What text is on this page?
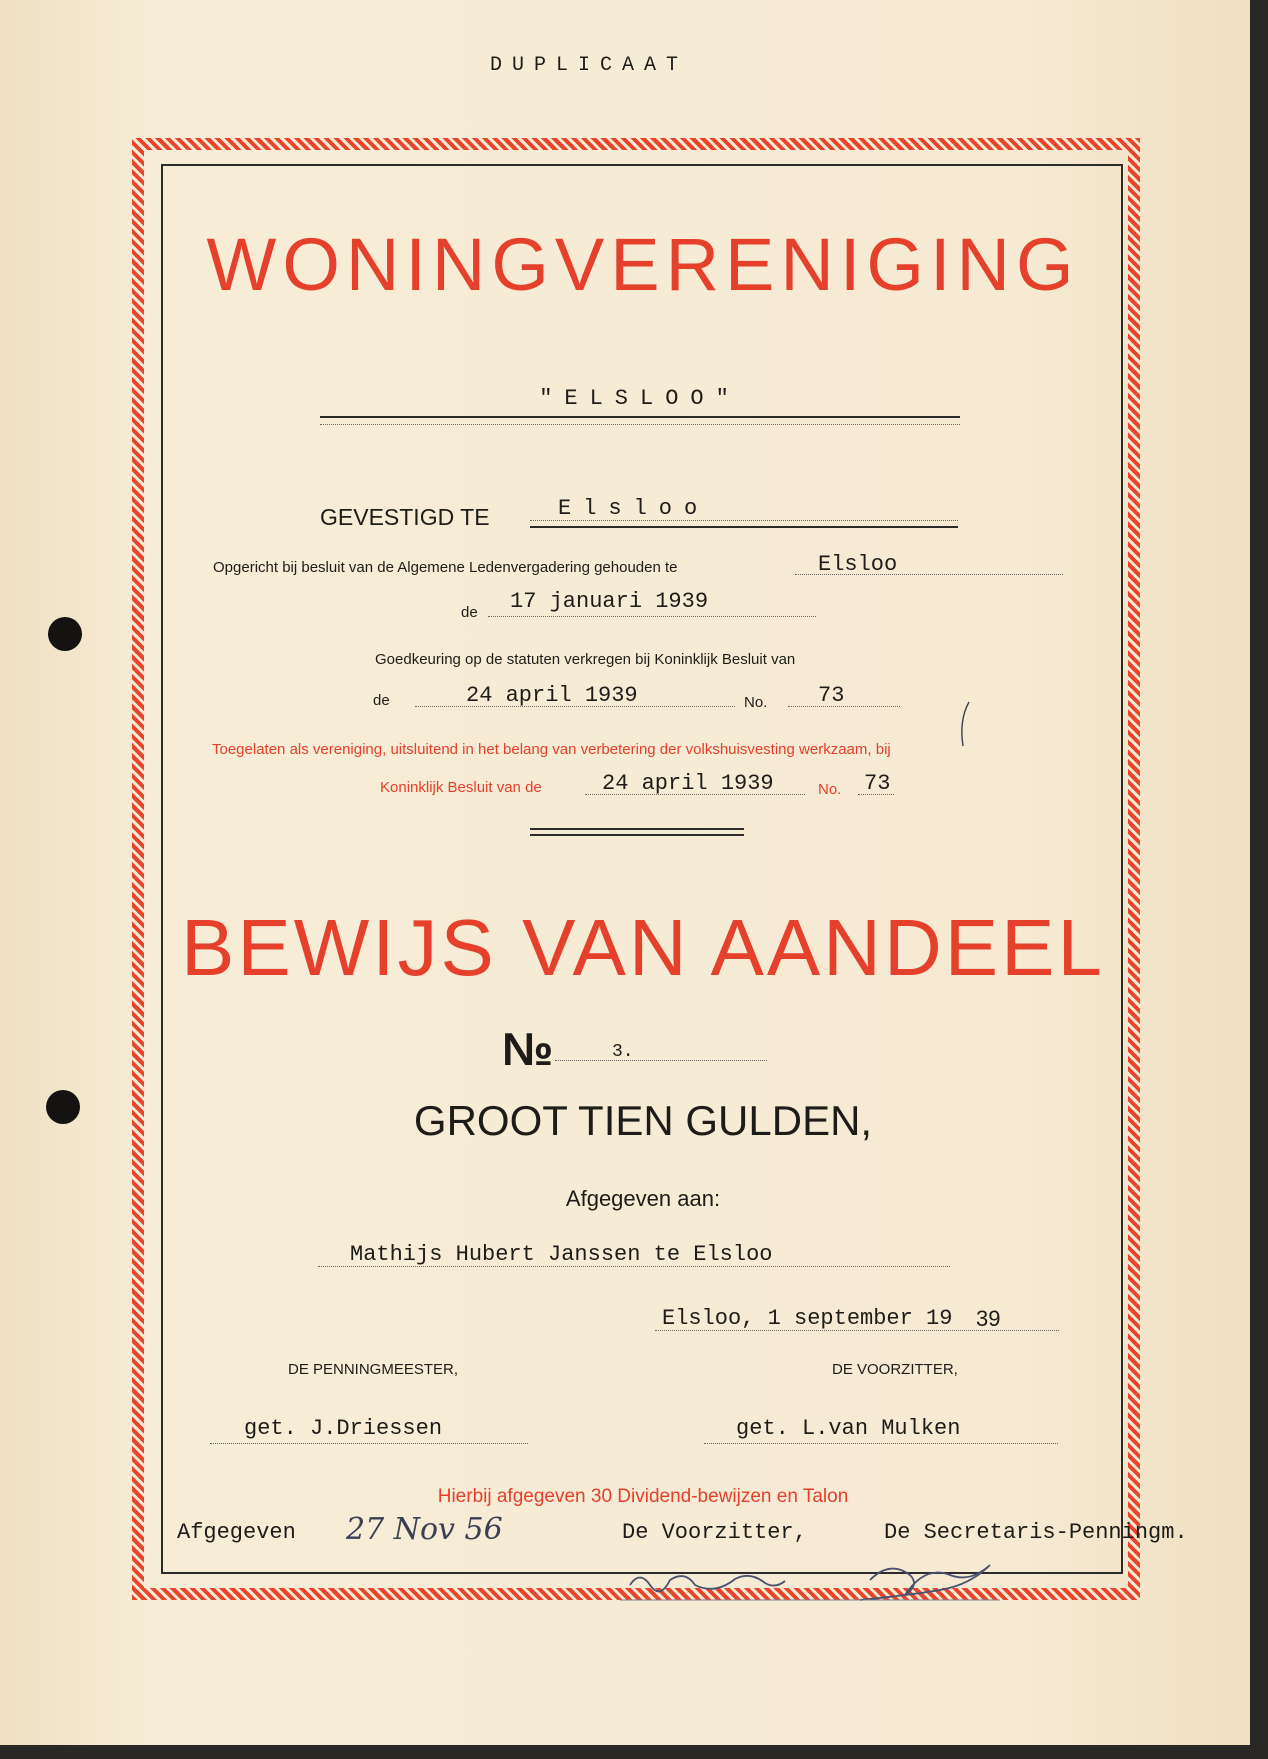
DUPLICAAT
WONINGVERENIGING
"ELSLOO"
GEVESTIGD TE	Elsloo
Opgericht bij besluit van de Algemene Ledenvergadering gehouden te	Elsloo
de 17 januari 1939
Goedkeuring op de statuten verkregen bij Koninklijk Besluit van
de	24 april 1939	No. 73
Toegelaten als vereniging, uitsluitend in het belang van verbetering der volkshuisvesting werkzaam, bij
Koninklijk Besluit van de	24 april 1939	No. 73
BEWIJS VAN AANDEEL
№	3.
GROOT TIEN GULDEN,
Afgegeven aan:
Mathijs Hubert Janssen te Elsloo
Elsloo, 1 september 19 39
DE PENNINGMEESTER,	DE VOORZITTER,
get. J.Driessen	get. L.van Mulken
Hierbij afgegeven 30 Dividend-bewijzen en Talon
Afgegeven 27 Nov 56	De Voorzitter,	De Secretaris-Penningm.
